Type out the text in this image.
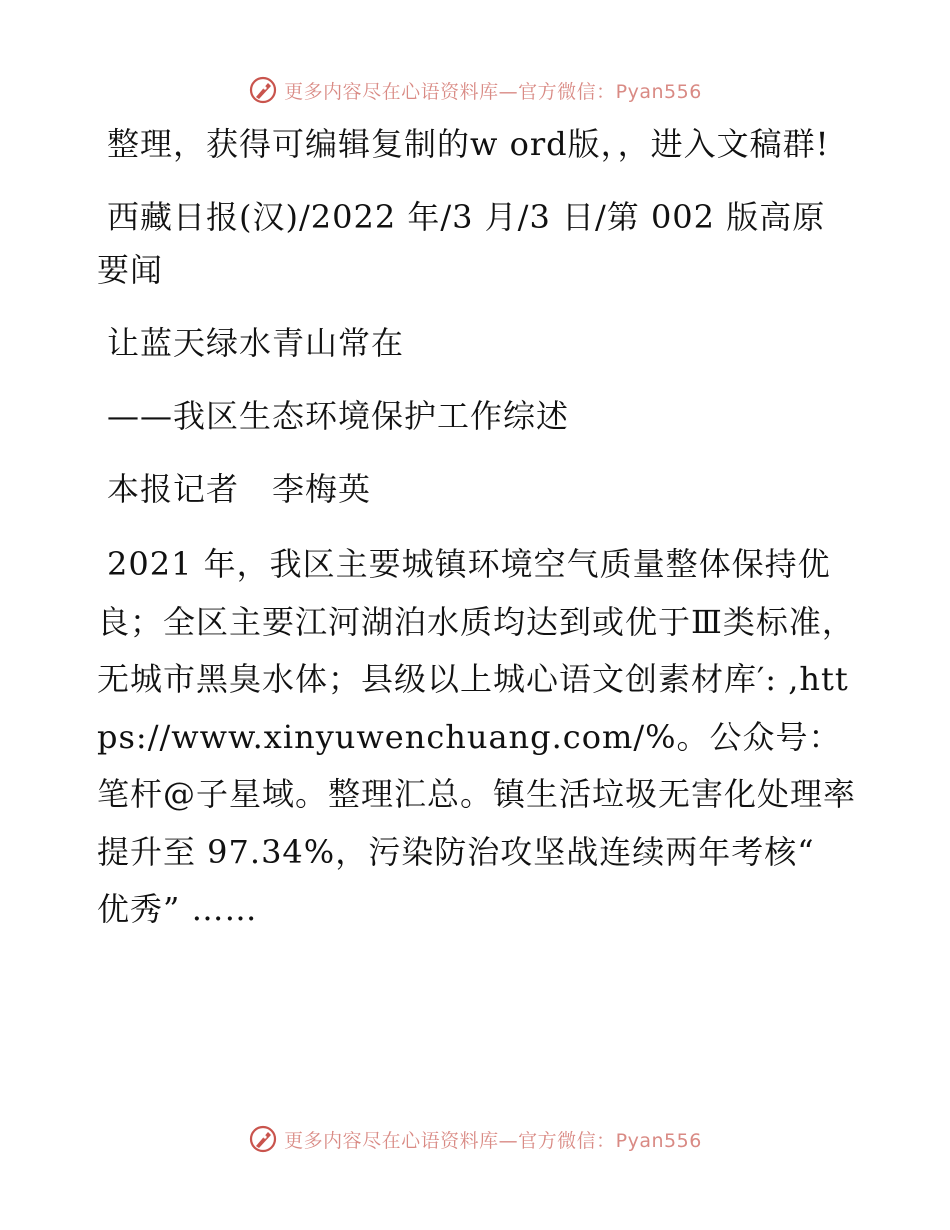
更多内容尽在心语资料库—官方微信：Pyan556

整理，获得可编辑复制的w ord版，，进入文稿群!

西藏日报(汉)/2022 年/3 月/3 日/第 002 版高原要闻

让蓝天绿水青山常在

——我区生态环境保护工作综述

本报记者　李梅英

2021 年，我区主要城镇环境空气质量整体保持优良；全区主要江河湖泊水质均达到或优于Ⅲ类标准，无城市黑臭水体；县级以上城心语文创素材库′: ,https://www.xinyuwenchuang.com/%。公众号：笔杆@子星域。整理汇总。镇生活垃圾无害化处理率提升至 97.34%，污染防治攻坚战连续两年考核“ 优秀” ……

更多内容尽在心语资料库—官方微信：Pyan556
